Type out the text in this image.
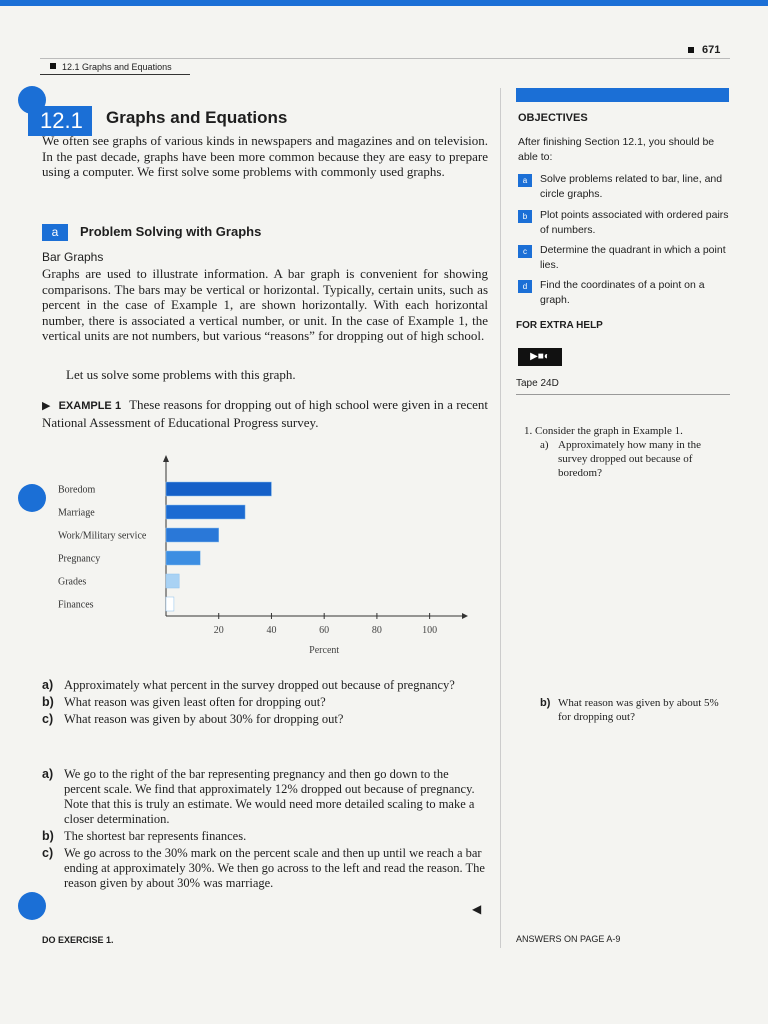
12.1 Graphs and Equations
671
12.1	Graphs and Equations
We often see graphs of various kinds in newspapers and magazines and on television. In the past decade, graphs have been more common because they are easy to prepare using a computer. We first solve some problems with commonly used graphs.
a	Problem Solving with Graphs
Bar Graphs
Graphs are used to illustrate information. A bar graph is convenient for showing comparisons. The bars may be vertical or horizontal. Typically, certain units, such as percent in the case of Example 1, are shown horizontally. With each horizontal number, there is associated a vertical number, or unit. In the case of Example 1, the vertical units are not numbers, but various “reasons” for dropping out of high school.
Let us solve some problems with this graph.
▶ EXAMPLE 1 These reasons for dropping out of high school were given in a recent National Assessment of Educational Progress survey.
Boredom
Marriage
Work/Military service
Pregnancy
Grades
Finances
20	40	60	80	100
Percent
a) Approximately what percent in the survey dropped out because of pregnancy?
b) What reason was given least often for dropping out?
c) What reason was given by about 30% for dropping out?
a) We go to the right of the bar representing pregnancy and then go down to the percent scale. We find that approximately 12% dropped out because of pregnancy. Note that this is truly an estimate. We would need more detailed scaling to make a closer determination.
b) The shortest bar represents finances.
c) We go across to the 30% mark on the percent scale and then up until we reach a bar ending at approximately 30%. We then go across to the left and read the reason. The reason given by about 30% was marriage.
◀
DO EXERCISE 1.
OBJECTIVES
After finishing Section 12.1, you should be able to:
a	Solve problems related to bar, line, and circle graphs.
b	Plot points associated with ordered pairs of numbers.
c	Determine the quadrant in which a point lies.
d	Find the coordinates of a point on a graph.
FOR EXTRA HELP
▶■◐
Tape 24D
1. Consider the graph in Example 1.
a) Approximately how many in the survey dropped out because of boredom?
b) What reason was given by about 5% for dropping out?
ANSWERS ON PAGE A-9
